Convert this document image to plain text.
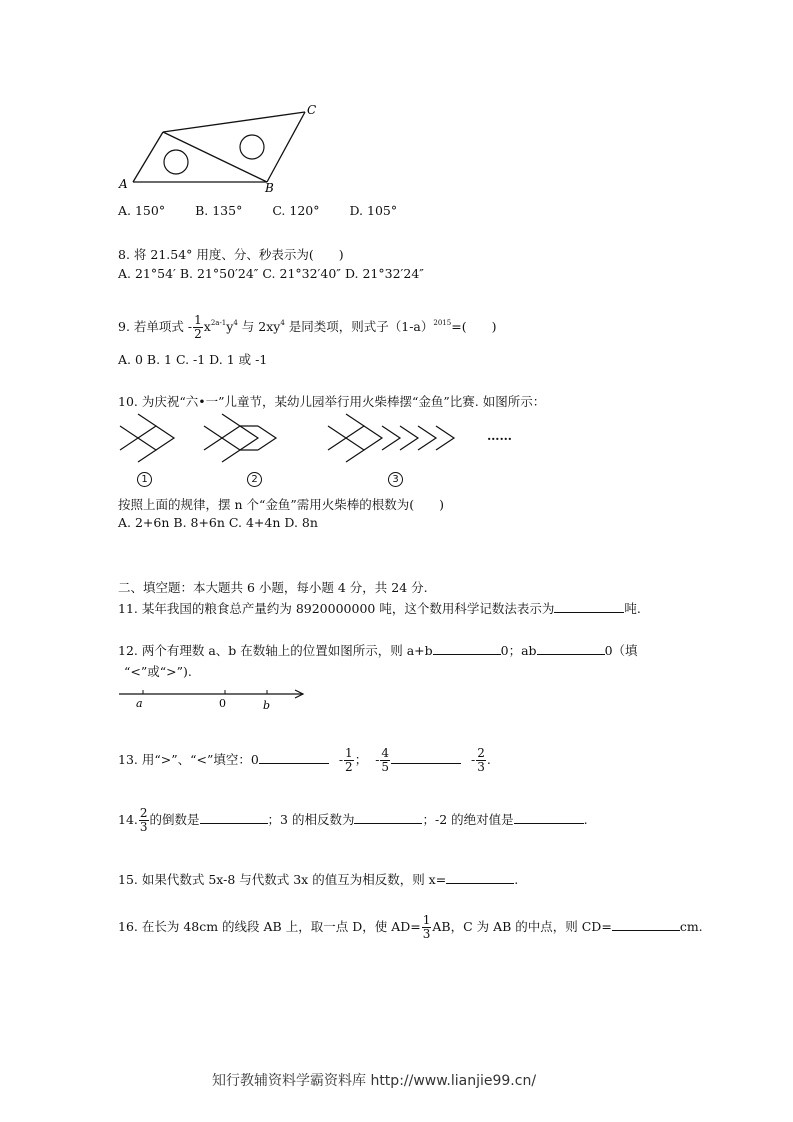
A	B
C
A. 150° B. 135° C. 120° D. 105°
8. 将 21.54° 用度、分、秒表示为(　　)
A. 21°54′ B. 21°50′24″ C. 21°32′40″ D. 21°32′24″
9. 若单项式 - $\frac{1}{2} x^{2a-1}y^4$ 与 $2xy^4$ 是同类项，则式子$(1-a)^{2015}=$(　　)
A. 0 B. 1 C. -1 D. 1 或 -1
10. 为庆祝“六•一”儿童节，某幼儿园举行用火柴棒摆“金鱼”比赛. 如图所示：
……
1	2	3
按照上面的规律，摆 n 个“金鱼”需用火柴棒的根数为(　　)
A. 2+6n B. 8+6n C. 4+4n D. 8n
二、填空题：本大题共 6 小题，每小题 4 分，共 24 分.
11. 某年我国的粮食总产量约为 8920000000 吨，这个数用科学记数法表示为	吨.
12. 两个有理数 a、b 在数轴上的位置如图所示，则 a+b	0；ab	0（填
“<”或“>”).
a	0	b
13. 用“>”、“<”填空：0	- $\frac{1}{2}$ ； - $\frac{4}{5}$	- $\frac{2}{3}$ .
14. $\frac{2}{3}$ 的倒数是	；3 的相反数为	；-2 的绝对值是	.
15. 如果代数式 5x-8 与代数式 3x 的值互为相反数，则 x=	.
16. 在长为 48cm 的线段 AB 上，取一点 D，使 $AD= \frac{1}{3}$ AB，C 为 AB 的中点，则 CD=	cm.
知行教辅资料学霸资料库 http://www.lianjie99.cn/
